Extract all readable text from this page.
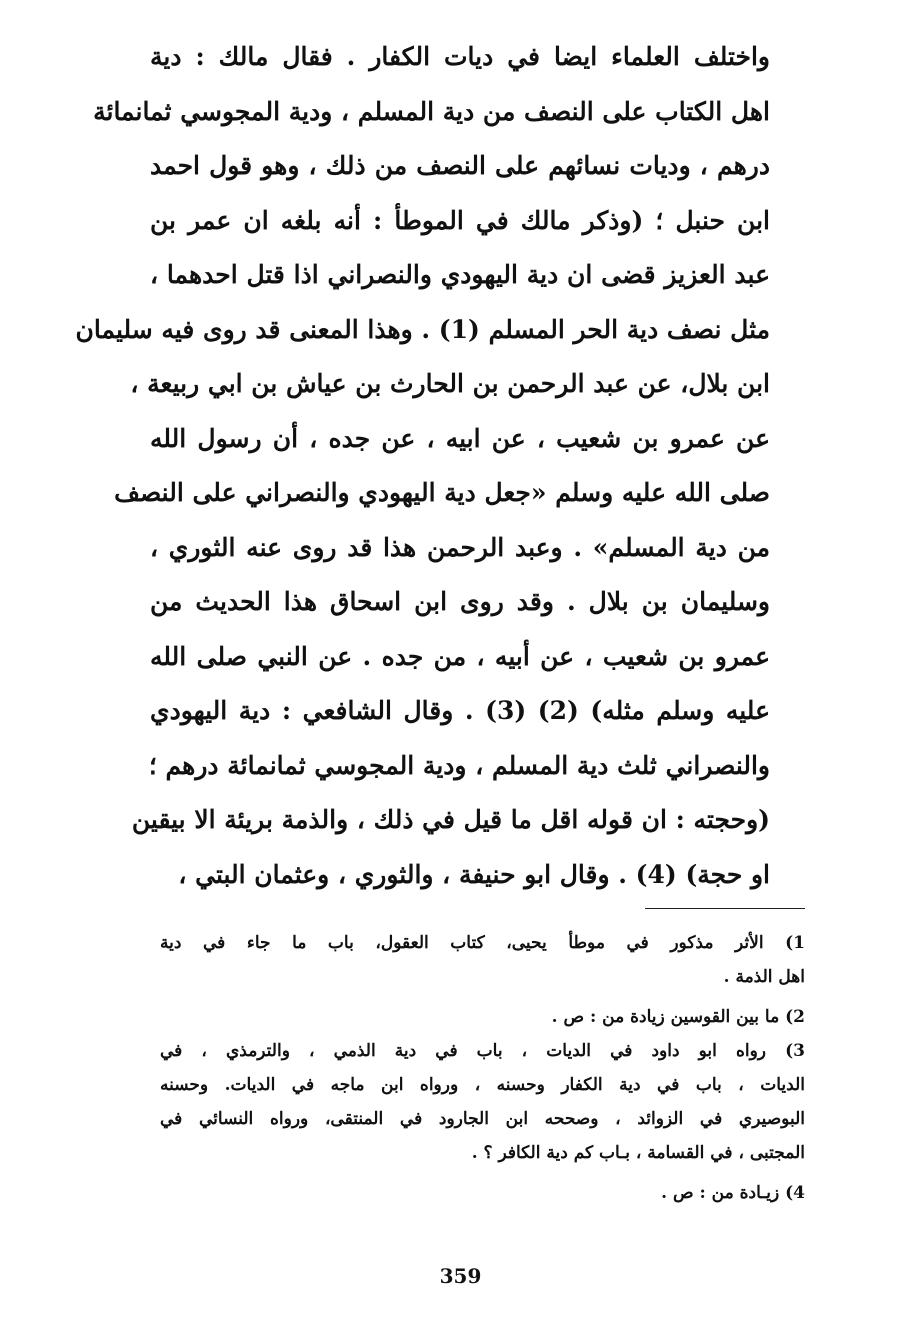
واختلف العلماء ايضا في ديات الكفار . فقال مالك : دية
اهل الكتاب على النصف من دية المسلم ، ودية المجوسي ثمانمائة
درهم ، وديات نسائهم على النصف من ذلك ، وهو قول احمد
ابن حنبل ؛ (وذكر مالك في الموطأ : أنه بلغه ان عمر بن
عبد العزيز قضى ان دية اليهودي والنصراني اذا قتل احدهما ،
مثل نصف دية الحر المسلم (1) . وهذا المعنى قد روى فيه سليمان
ابن بلال، عن عبد الرحمن بن الحارث بن عياش بن ابي ربيعة ،
عن عمرو بن شعيب ، عن ابيه ، عن جده ، أن رسول الله
صلى الله عليه وسلم «جعل دية اليهودي والنصراني على النصف
من دية المسلم» . وعبد الرحمن هذا قد روى عنه الثوري ،
وسليمان بن بلال . وقد روى ابن اسحاق هذا الحديث من
عمرو بن شعيب ، عن أبيه ، من جده . عن النبي صلى الله
عليه وسلم مثله) (2) (3) . وقال الشافعي : دية اليهودي
والنصراني ثلث دية المسلم ، ودية المجوسي ثمانمائة درهم ؛
(وحجته : ان قوله اقل ما قيل في ذلك ، والذمة بريئة الا بيقين
او حجة) (4) . وقال ابو حنيفة ، والثوري ، وعثمان البتي ،
1) الأثر مذكور في موطأ يحيى، كتاب العقول، باب ما جاء في دية
اهل الذمة .
2) ما بين القوسين زيادة من : ص .
3) رواه ابو داود في الديات ، باب في دية الذمي ، والترمذي ، في
الديات ، باب في دية الكفار وحسنه ، ورواه ابن ماجه في الديات. وحسنه
البوصيري في الزوائد ، وصححه ابن الجارود في المنتقى، ورواه النسائي في
المجتبى ، في القسامة ، بـاب كم دية الكافر ؟ .
4) زيـادة من : ص .
359
